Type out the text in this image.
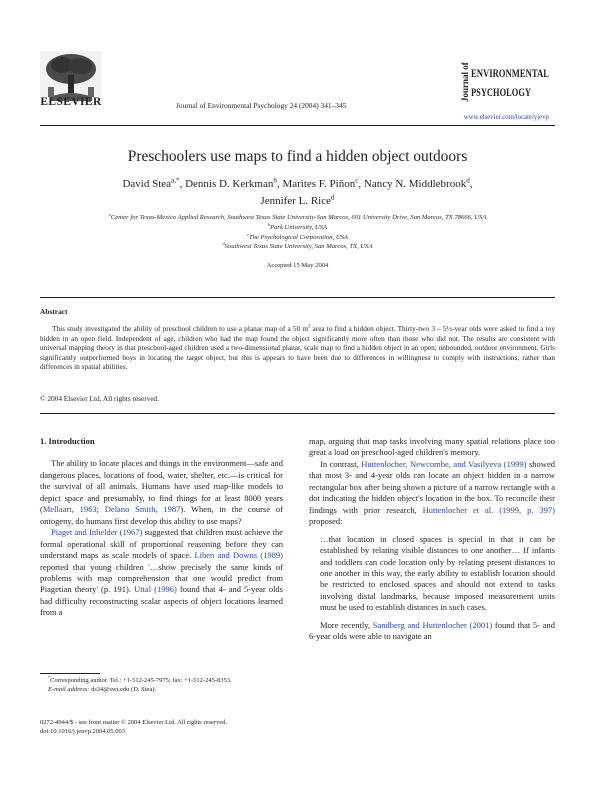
ELSEVIER	Journal of Environmental Psychology 24 (2004) 341–345
Journal of ENVIRONMENTAL
PSYCHOLOGY
www.elsevier.com/locate/yjevp
Preschoolers use maps to find a hidden object outdoors
David Stea$^{a,*}$, Dennis D. Kerkman$^b$, Marites F. Piñon$^c$, Nancy N. Middlebrook$^d$,
Jennifer L. Rice$^d$
$^a$Center for Texas-Mexico Applied Research, Southwest Texas State University-San Marcos, 601 University Drive, San Marcos, TX 78666, USA
$^b$Park University, USA
$^c$The Psychological Corporation, USA
$^d$Southwest Texas State University, San Marcos, TX, USA
Accepted 15 May 2004
Abstract
This study investigated the ability of preschool children to use a planar map of a 50 $m^2$ area to find a hidden object. Thirty-two 3 – 5½-year olds were asked to find a toy hidden in an open field. Independent of age, children who had the map found the object significantly more often than those who did not. The results are consistent with universal mapping theory in that preschool-aged children used a two-dimensional planar, scale map to find a hidden object in an open, unbounded, outdoor environment. Girls significantly outperformed boys in locating the target object, but this is appears to have been due to differences in willingness to comply with instructions, rather than differences in spatial abilities.
© 2004 Elsevier Ltd. All rights reserved.

1. Introduction

The ability to locate places and things in the environment—safe and dangerous places, locations of food, water, shelter, etc.—is critical for the survival of all animals. Humans have used map-like models to depict space and presumably, to find things for at least 8000 years (Mellaart, 1963; Delano Smith, 1987). When, in the course of ontogeny, do humans first develop this ability to use maps?

Piaget and Inhelder (1967) suggested that children must achieve the formal operational skill of proportional reasoning before they can understand maps as scale models of space. Liben and Downs (1989) reported that young children '…show precisely the same kinds of problems with map comprehension that one would predict from Piagetian theory' (p. 191). Uttal (1996) found that 4- and 5-year olds had difficulty reconstructing scalar aspects of object locations learned from a

map, arguing that map tasks involving many spatial relations place too great a load on preschool-aged children's memory.

In contrast, Huttenlocher, Newcombe, and Vasilyeva (1999) showed that most 3- and 4-year olds can locate an object hidden in a narrow rectangular box after being shown a picture of a narrow rectangle with a dot indicating the hidden object's location in the box. To reconcile their findings with prior research, Huttenlocher et al. (1999, p. 397) proposed:

…that location in closed spaces is special in that it can be established by relating visible distances to one another… If infants and toddlers can code location only by relating present distances to one another in this way, the early ability to establish location should be restricted to enclosed spaces and should not extend to tasks involving distal landmarks, because imposed measurement units must be used to establish distances in such cases.

More recently, Sandberg and Huttenlocher (2001) found that 5- and 6-year olds were able to navigate an

*Corresponding author. Tel.: +1-512-245-7975; fax: +1-512-245-8353.
E-mail address: ds34@swt.edu (D. Stea).
0272-4944/$ - see front matter © 2004 Elsevier Ltd. All rights reserved.
doi:10.1016/j.jenvp.2004.05.003
